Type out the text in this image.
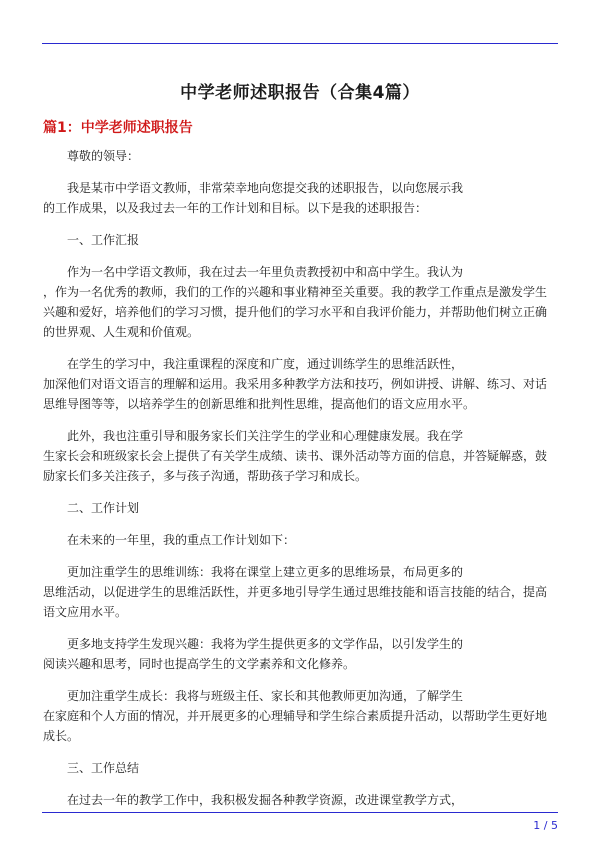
中学老师述职报告（合集4篇）
篇1：中学老师述职报告
尊敬的领导：
我是某市中学语文教师，非常荣幸地向您提交我的述职报告，以向您展示我
的工作成果，以及我过去一年的工作计划和目标。以下是我的述职报告：
一、工作汇报
作为一名中学语文教师，我在过去一年里负责教授初中和高中学生。我认为
，作为一名优秀的教师，我们的工作的兴趣和事业精神至关重要。我的教学工作重点是激发学生
兴趣和爱好，培养他们的学习习惯，提升他们的学习水平和自我评价能力，并帮助他们树立正确
的世界观、人生观和价值观。
在学生的学习中，我注重课程的深度和广度，通过训练学生的思维活跃性，
加深他们对语文语言的理解和运用。我采用多种教学方法和技巧，例如讲授、讲解、练习、对话
思维导图等等，以培养学生的创新思维和批判性思维，提高他们的语文应用水平。
此外，我也注重引导和服务家长们关注学生的学业和心理健康发展。我在学
生家长会和班级家长会上提供了有关学生成绩、读书、课外活动等方面的信息，并答疑解惑，鼓
励家长们多关注孩子，多与孩子沟通，帮助孩子学习和成长。
二、工作计划
在未来的一年里，我的重点工作计划如下：
更加注重学生的思维训练：我将在课堂上建立更多的思维场景，布局更多的
思维活动，以促进学生的思维活跃性，并更多地引导学生通过思维技能和语言技能的结合，提高
语文应用水平。
更多地支持学生发现兴趣：我将为学生提供更多的文学作品，以引发学生的
阅读兴趣和思考，同时也提高学生的文学素养和文化修养。
更加注重学生成长：我将与班级主任、家长和其他教师更加沟通，了解学生
在家庭和个人方面的情况，并开展更多的心理辅导和学生综合素质提升活动，以帮助学生更好地
成长。
三、工作总结
在过去一年的教学工作中，我积极发掘各种教学资源，改进课堂教学方式，
1 / 5
